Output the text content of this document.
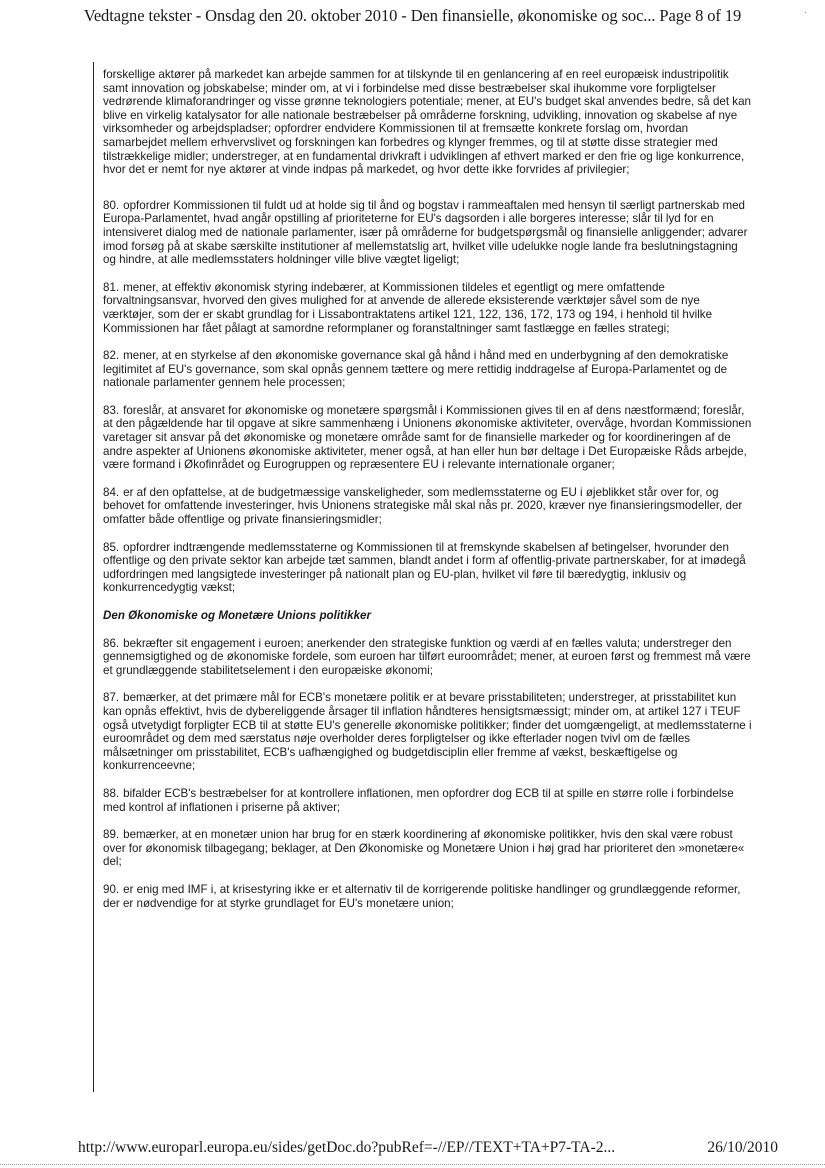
Vedtagne tekster - Onsdag den 20. oktober 2010 - Den finansielle, økonomiske og soc... Page 8 of 19	·
forskellige aktører på markedet kan arbejde sammen for at tilskynde til en genlancering af en reel europæisk industripolitik samt innovation og jobskabelse; minder om, at vi i forbindelse med disse bestræbelser skal ihukomme vore forpligtelser vedrørende klimaforandringer og visse grønne teknologiers potentiale; mener, at EU's budget skal anvendes bedre, så det kan blive en virkelig katalysator for alle nationale bestræbelser på områderne forskning, udvikling, innovation og skabelse af nye virksomheder og arbejdspladser; opfordrer endvidere Kommissionen til at fremsætte konkrete forslag om, hvordan samarbejdet mellem erhvervslivet og forskningen kan forbedres og klynger fremmes, og til at støtte disse strategier med tilstrækkelige midler; understreger, at en fundamental drivkraft i udviklingen af ethvert marked er den frie og lige konkurrence, hvor det er nemt for nye aktører at vinde indpas på markedet, og hvor dette ikke forvrides af privilegier;
80. opfordrer Kommissionen til fuldt ud at holde sig til ånd og bogstav i rammeaftalen med hensyn til særligt partnerskab med Europa-Parlamentet, hvad angår opstilling af prioriteterne for EU's dagsorden i alle borgeres interesse; slår til lyd for en intensiveret dialog med de nationale parlamenter, især på områderne for budgetspørgsmål og finansielle anliggender; advarer imod forsøg på at skabe særskilte institutioner af mellemstatslig art, hvilket ville udelukke nogle lande fra beslutningstagning og hindre, at alle medlemsstaters holdninger ville blive vægtet ligeligt;
81. mener, at effektiv økonomisk styring indebærer, at Kommissionen tildeles et egentligt og mere omfattende forvaltningsansvar, hvorved den gives mulighed for at anvende de allerede eksisterende værktøjer såvel som de nye værktøjer, som der er skabt grundlag for i Lissabontraktatens artikel 121, 122, 136, 172, 173 og 194, i henhold til hvilke Kommissionen har fået pålagt at samordne reformplaner og foranstaltninger samt fastlægge en fælles strategi;
82. mener, at en styrkelse af den økonomiske governance skal gå hånd i hånd med en underbygning af den demokratiske legitimitet af EU's governance, som skal opnås gennem tættere og mere rettidig inddragelse af Europa-Parlamentet og de nationale parlamenter gennem hele processen;
83. foreslår, at ansvaret for økonomiske og monetære spørgsmål i Kommissionen gives til en af dens næstformænd; foreslår, at den pågældende har til opgave at sikre sammenhæng i Unionens økonomiske aktiviteter, overvåge, hvordan Kommissionen varetager sit ansvar på det økonomiske og monetære område samt for de finansielle markeder og for koordineringen af de andre aspekter af Unionens økonomiske aktiviteter, mener også, at han eller hun bør deltage i Det Europæiske Råds arbejde, være formand i Økofinrådet og Eurogruppen og repræsentere EU i relevante internationale organer;
84. er af den opfattelse, at de budgetmæssige vanskeligheder, som medlemsstaterne og EU i øjeblikket står over for, og behovet for omfattende investeringer, hvis Unionens strategiske mål skal nås pr. 2020, kræver nye finansieringsmodeller, der omfatter både offentlige og private finansieringsmidler;
85. opfordrer indtrængende medlemsstaterne og Kommissionen til at fremskynde skabelsen af betingelser, hvorunder den offentlige og den private sektor kan arbejde tæt sammen, blandt andet i form af offentlig-private partnerskaber, for at imødegå udfordringen med langsigtede investeringer på nationalt plan og EU-plan, hvilket vil føre til bæredygtig, inklusiv og konkurrencedygtig vækst;
Den Økonomiske og Monetære Unions politikker
86. bekræfter sit engagement i euroen; anerkender den strategiske funktion og værdi af en fælles valuta; understreger den gennemsigtighed og de økonomiske fordele, som euroen har tilført euroområdet; mener, at euroen først og fremmest må være et grundlæggende stabilitetselement i den europæiske økonomi;
87. bemærker, at det primære mål for ECB's monetære politik er at bevare prisstabiliteten; understreger, at prisstabilitet kun kan opnås effektivt, hvis de dybereliggende årsager til inflation håndteres hensigtsmæssigt; minder om, at artikel 127 i TEUF også utvetydigt forpligter ECB til at støtte EU's generelle økonomiske politikker; finder det uomgængeligt, at medlemsstaterne i euroområdet og dem med særstatus nøje overholder deres forpligtelser og ikke efterlader nogen tvivl om de fælles målsætninger om prisstabilitet, ECB's uafhængighed og budgetdisciplin eller fremme af vækst, beskæftigelse og konkurrenceevne;
88. bifalder ECB's bestræbelser for at kontrollere inflationen, men opfordrer dog ECB til at spille en større rolle i forbindelse med kontrol af inflationen i priserne på aktiver;
89. bemærker, at en monetær union har brug for en stærk koordinering af økonomiske politikker, hvis den skal være robust over for økonomisk tilbagegang; beklager, at Den Økonomiske og Monetære Union i høj grad har prioriteret den »monetære« del;
90. er enig med IMF i, at krisestyring ikke er et alternativ til de korrigerende politiske handlinger og grundlæggende reformer, der er nødvendige for at styrke grundlaget for EU's monetære union;
http://www.europarl.europa.eu/sides/getDoc.do?pubRef=-//EP//TEXT+TA+P7-TA-2...	26/10/2010
